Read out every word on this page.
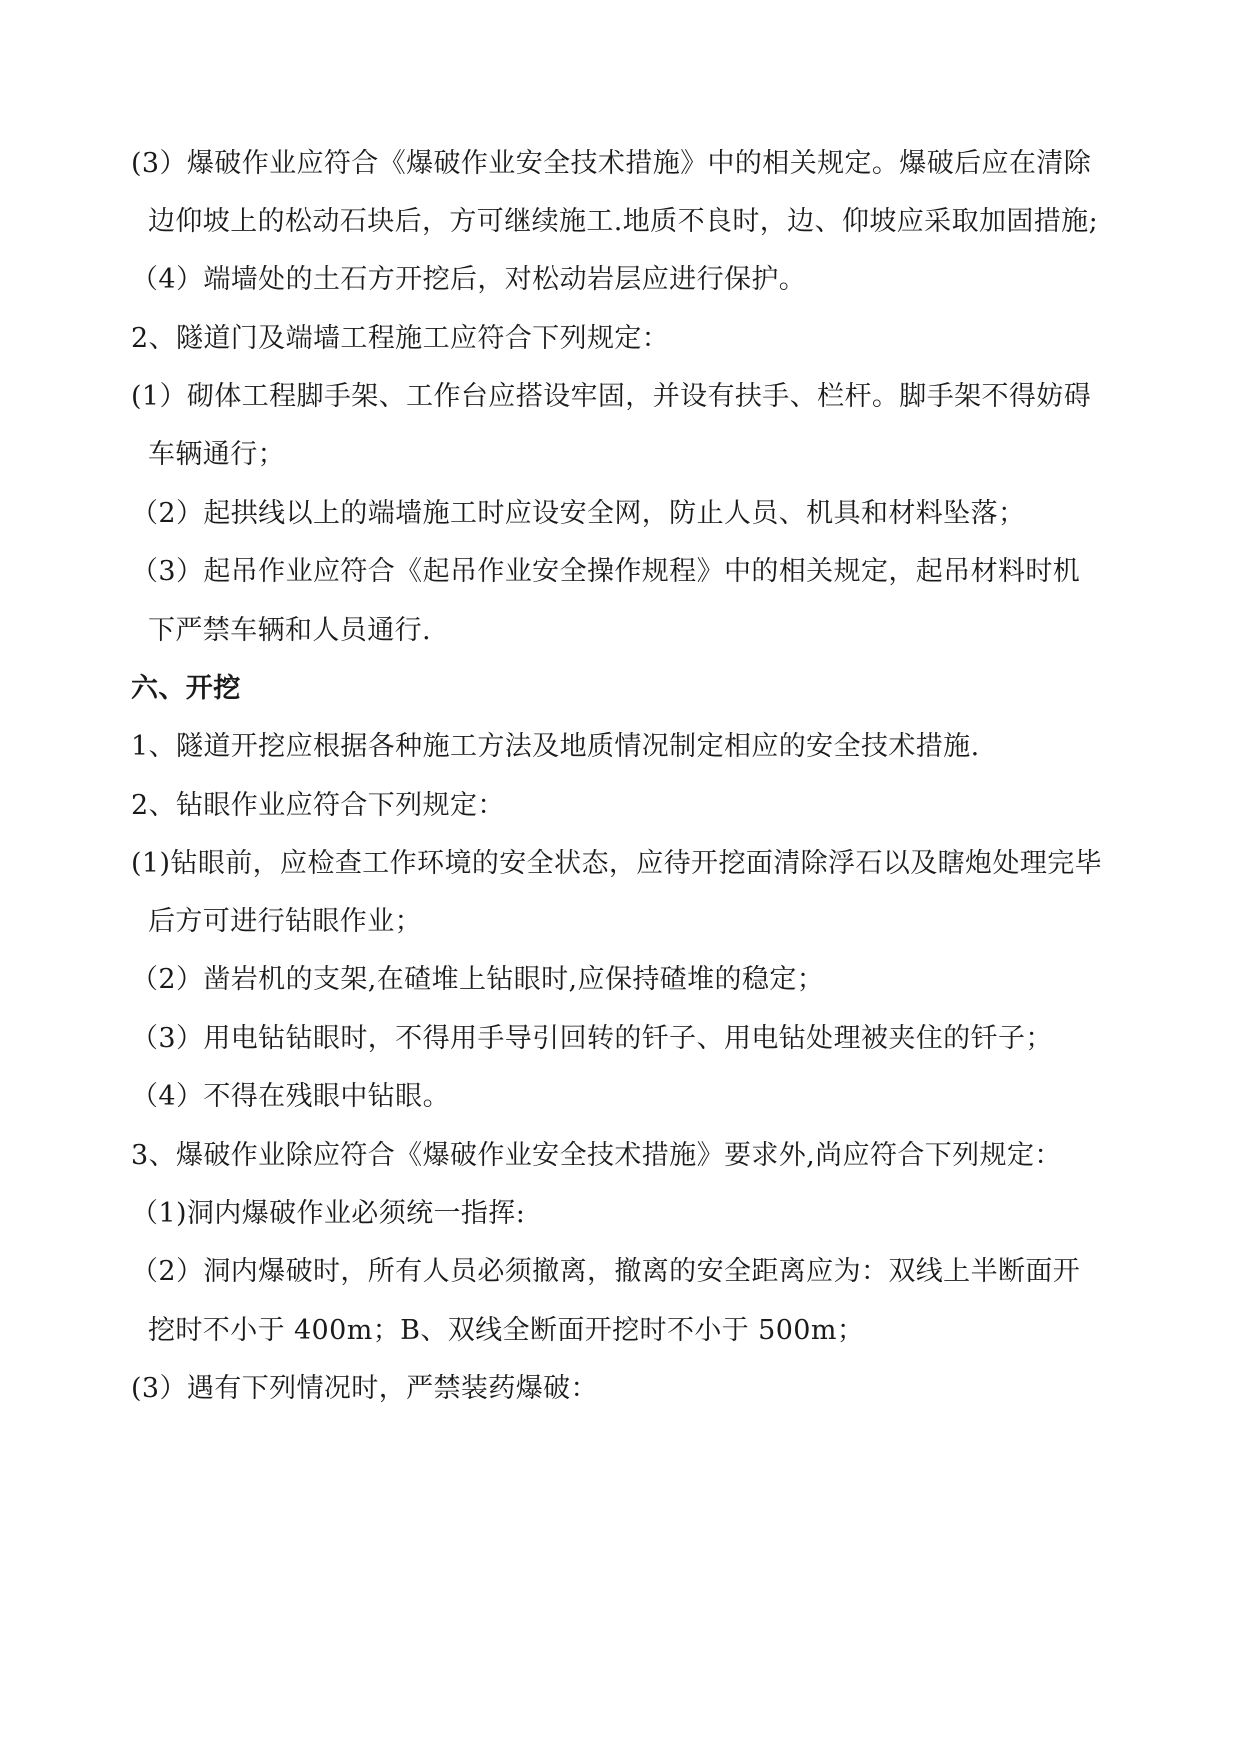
(3）爆破作业应符合《爆破作业安全技术措施》中的相关规定。爆破后应在清除
边仰坡上的松动石块后，方可继续施工.地质不良时，边、仰坡应采取加固措施;
（4）端墙处的土石方开挖后，对松动岩层应进行保护。
2、隧道门及端墙工程施工应符合下列规定：
(1）砌体工程脚手架、工作台应搭设牢固，并设有扶手、栏杆。脚手架不得妨碍
车辆通行；
（2）起拱线以上的端墙施工时应设安全网，防止人员、机具和材料坠落；
（3）起吊作业应符合《起吊作业安全操作规程》中的相关规定，起吊材料时机
下严禁车辆和人员通行.
六、开挖
1、隧道开挖应根据各种施工方法及地质情况制定相应的安全技术措施.
2、钻眼作业应符合下列规定：
(1)钻眼前，应检查工作环境的安全状态，应待开挖面清除浮石以及瞎炮处理完毕
后方可进行钻眼作业；
（2）凿岩机的支架,在碴堆上钻眼时,应保持碴堆的稳定；
（3）用电钻钻眼时，不得用手导引回转的钎子、用电钻处理被夹住的钎子；
（4）不得在残眼中钻眼。
3、爆破作业除应符合《爆破作业安全技术措施》要求外,尚应符合下列规定：
（1)洞内爆破作业必须统一指挥:
（2）洞内爆破时，所有人员必须撤离，撤离的安全距离应为：双线上半断面开
挖时不小于 400m；B、双线全断面开挖时不小于 500m；
(3）遇有下列情况时，严禁装药爆破：
